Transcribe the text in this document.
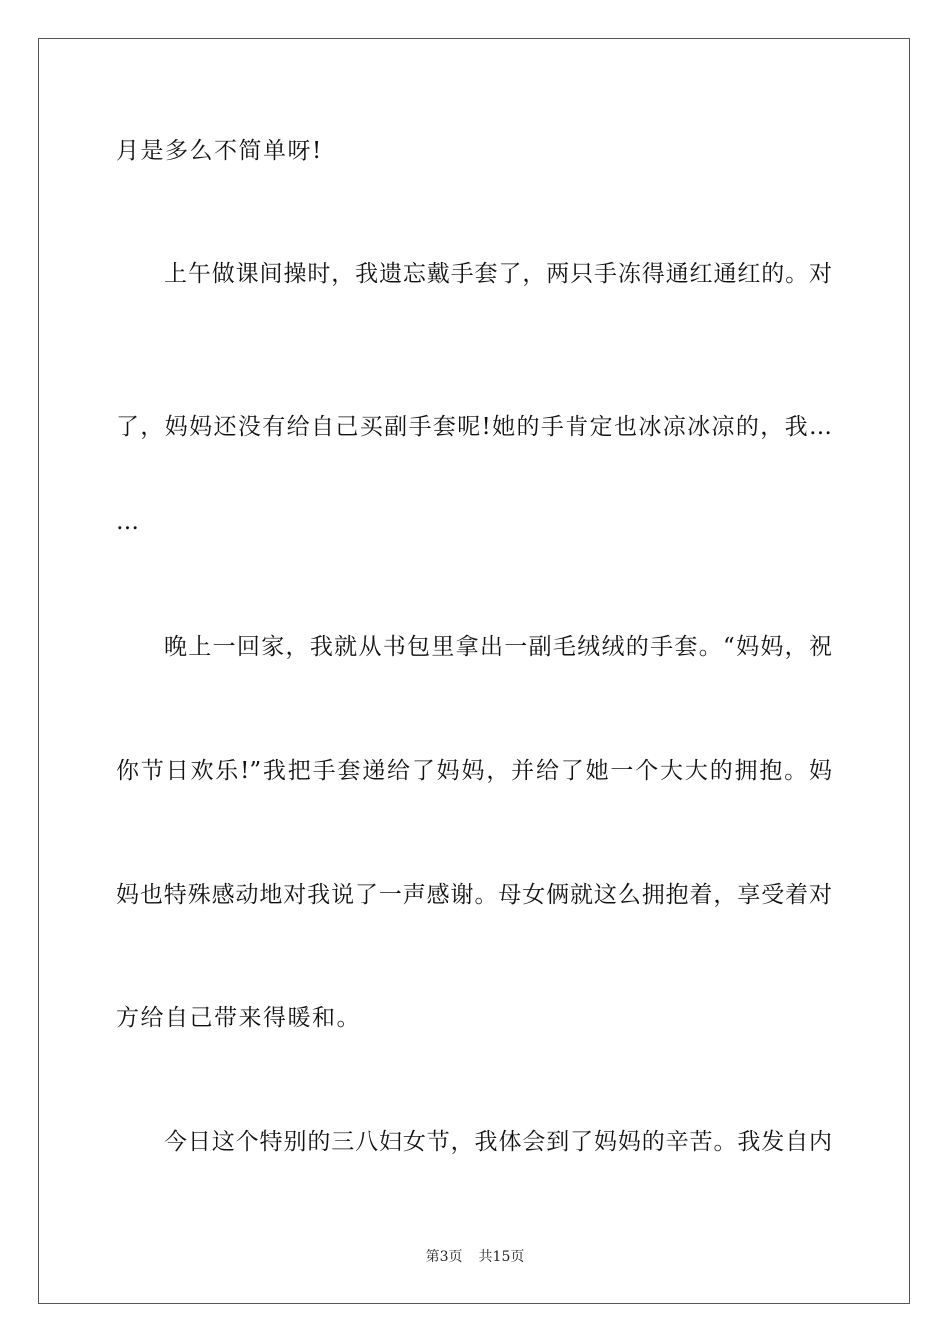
月是多么不简单呀!
上午做课间操时，我遗忘戴手套了，两只手冻得通红通红的。对
了，妈妈还没有给自己买副手套呢!她的手肯定也冰凉冰凉的，我…
…
晚上一回家，我就从书包里拿出一副毛绒绒的手套。“妈妈，祝
你节日欢乐!”我把手套递给了妈妈，并给了她一个大大的拥抱。妈
妈也特殊感动地对我说了一声感谢。母女俩就这么拥抱着，享受着对
方给自己带来得暖和。
今日这个特别的三八妇女节，我体会到了妈妈的辛苦。我发自内
第3页 共15页
